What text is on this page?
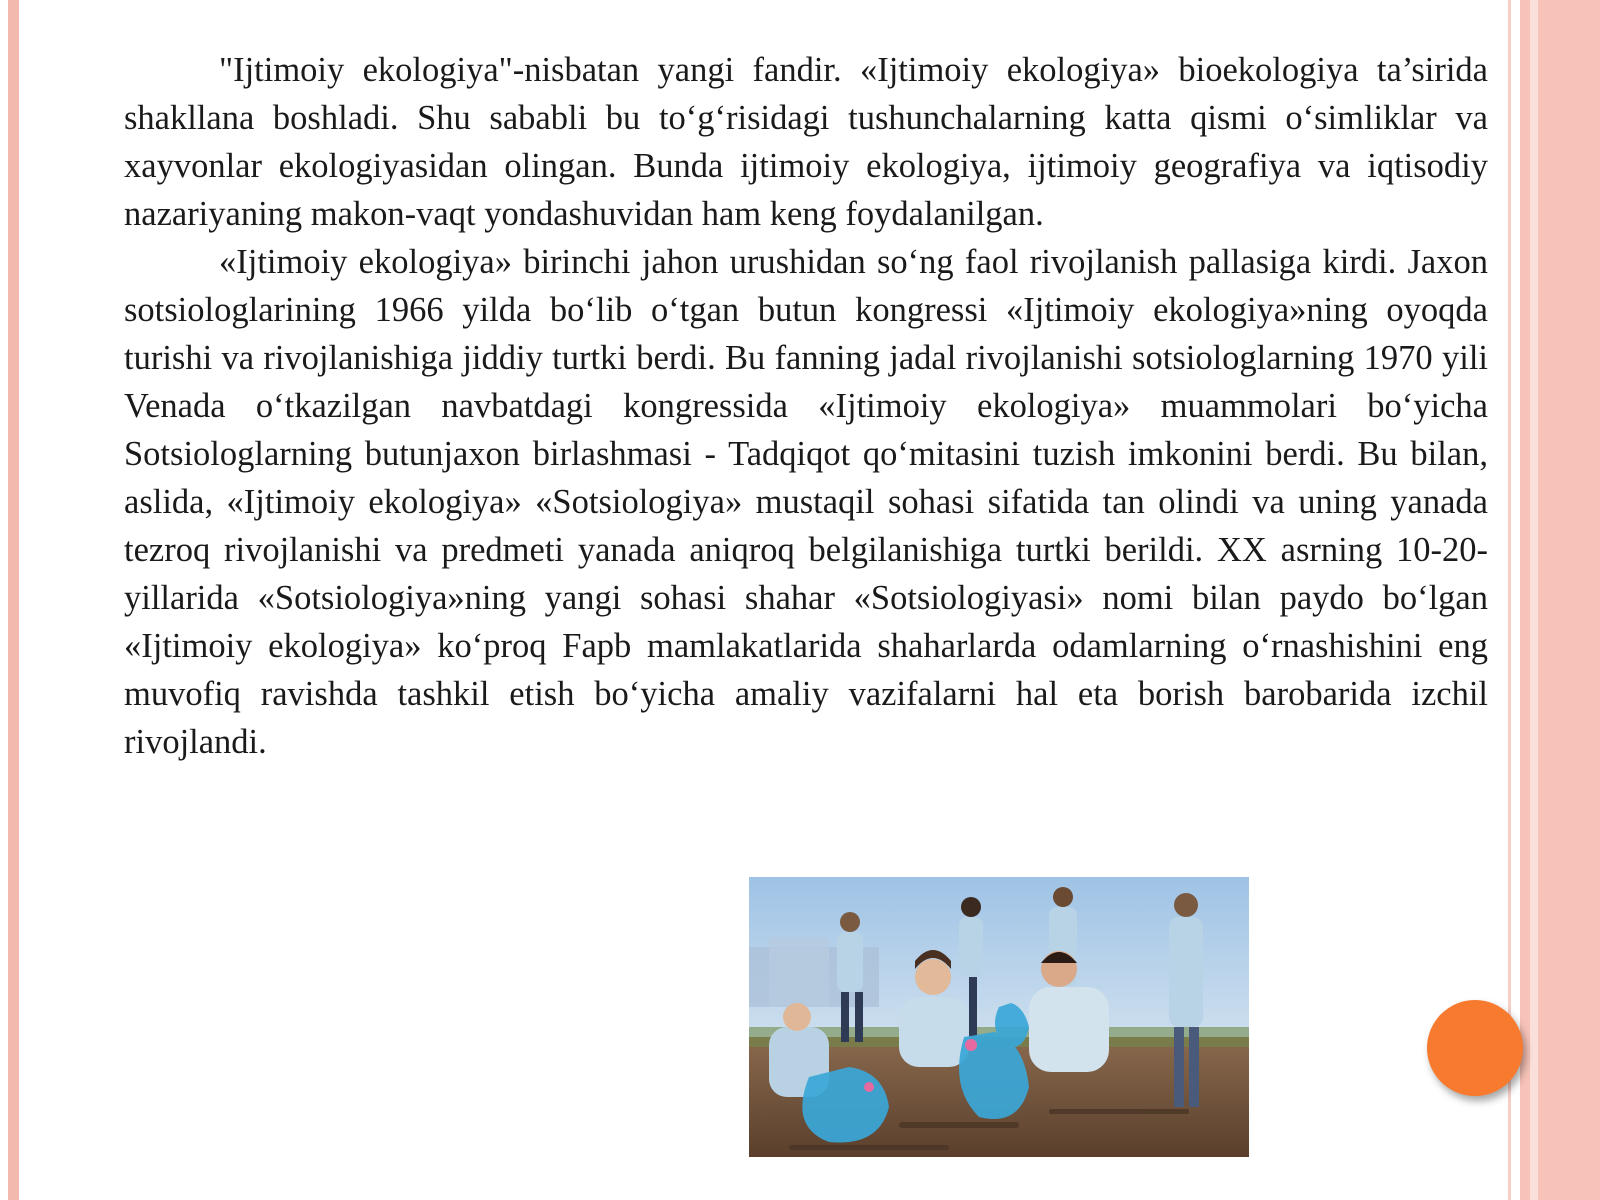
"Ijtimoiy ekologiya"-nisbatan yangi fandir. «Ijtimoiy ekologiya» bioekologiya ta’sirida shakllana boshladi. Shu sababli bu to‘g‘risidagi tushunchalarning katta qismi o‘simliklar va xayvonlar ekologiyasidan olingan. Bunda ijtimoiy ekologiya, ijtimoiy geografiya va iqtisodiy nazariyaning makon-vaqt yondashuvidan ham keng foydalanilgan.

«Ijtimoiy ekologiya» birinchi jahon urushidan so‘ng faol rivojlanish pallasiga kirdi. Jaxon sotsiologlarining 1966 yilda bo‘lib o‘tgan butun kongressi «Ijtimoiy ekologiya»ning oyoqda turishi va rivojlanishiga jiddiy turtki berdi. Bu fanning jadal rivojlanishi sotsiologlarning 1970 yili Venada o‘tkazilgan navbatdagi kongressida «Ijtimoiy ekologiya» muammolari bo‘yicha Sotsiologlarning butunjaxon birlashmasi - Tadqiqot qo‘mitasini tuzish imkonini berdi. Bu bilan, aslida, «Ijtimoiy ekologiya» «Sotsiologiya» mustaqil sohasi sifatida tan olindi va uning yanada tezroq rivojlanishi va predmeti yanada aniqroq belgilanishiga turtki berildi. XX asrning 10-20- yillarida «Sotsiologiya»ning yangi sohasi shahar «Sotsiologiyasi» nomi bilan paydo bo‘lgan «Ijtimoiy ekologiya» ko‘proq Fapb mamlakatlarida shaharlarda odamlarning o‘rnashishini eng muvofiq ravishda tashkil etish bo‘yicha amaliy vazifalarni hal eta borish barobarida izchil rivojlandi.
